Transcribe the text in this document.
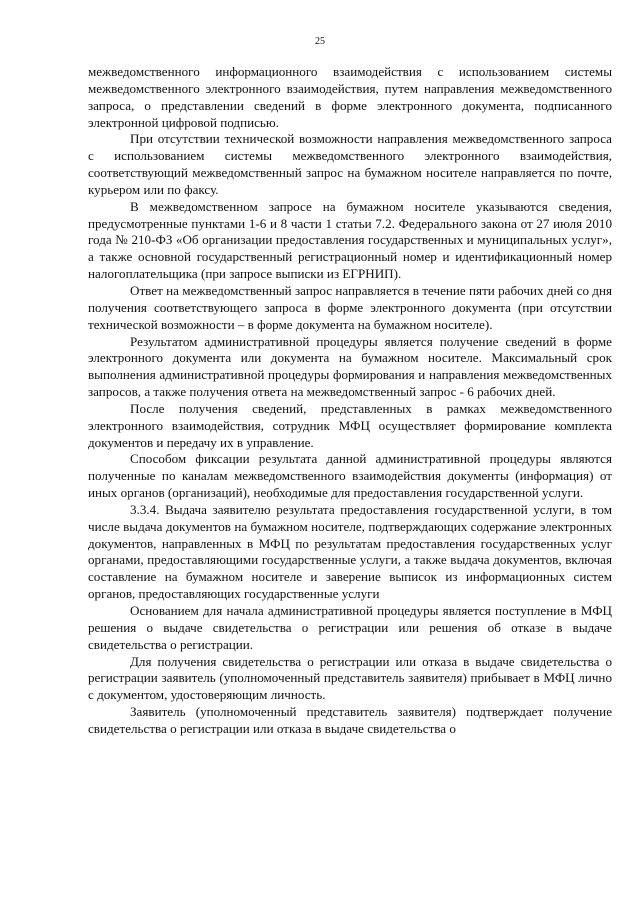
25

межведомственного информационного взаимодействия с использованием системы межведомственного электронного взаимодействия, путем направления межведомственного запроса, о представлении сведений в форме электронного документа, подписанного электронной цифровой подписью.

При отсутствии технической возможности направления межведомственного запроса с использованием системы межведомственного электронного взаимодействия, соответствующий межведомственный запрос на бумажном носителе направляется по почте, курьером или по факсу.

В межведомственном запросе на бумажном носителе указываются сведения, предусмотренные пунктами 1-6 и 8 части 1 статьи 7.2. Федерального закона от 27 июля 2010 года № 210-ФЗ «Об организации предоставления государственных и муниципальных услуг», а также основной государственный регистрационный номер и идентификационный номер налогоплательщика (при запросе выписки из ЕГРНИП).

Ответ на межведомственный запрос направляется в течение пяти рабочих дней со дня получения соответствующего запроса в форме электронного документа (при отсутствии технической возможности – в форме документа на бумажном носителе).

Результатом административной процедуры является получение сведений в форме электронного документа или документа на бумажном носителе. Максимальный срок выполнения административной процедуры формирования и направления межведомственных запросов, а также получения ответа на межведомственный запрос - 6 рабочих дней.

После получения сведений, представленных в рамках межведомственного электронного взаимодействия, сотрудник МФЦ осуществляет формирование комплекта документов и передачу их в управление.

Способом фиксации результата данной административной процедуры являются полученные по каналам межведомственного взаимодействия документы (информация) от иных органов (организаций), необходимые для предоставления государственной услуги.

3.3.4. Выдача заявителю результата предоставления государственной услуги, в том числе выдача документов на бумажном носителе, подтверждающих содержание электронных документов, направленных в МФЦ по результатам предоставления государственных услуг органами, предоставляющими государственные услуги, а также выдача документов, включая составление на бумажном носителе и заверение выписок из информационных систем органов, предоставляющих государственные услуги

Основанием для начала административной процедуры является поступление в МФЦ решения о выдаче свидетельства о регистрации или решения об отказе в выдаче свидетельства о регистрации.

Для получения свидетельства о регистрации или отказа в выдаче свидетельства о регистрации заявитель (уполномоченный представитель заявителя) прибывает в МФЦ лично с документом, удостоверяющим личность.

Заявитель (уполномоченный представитель заявителя) подтверждает получение свидетельства о регистрации или отказа в выдаче свидетельства о
